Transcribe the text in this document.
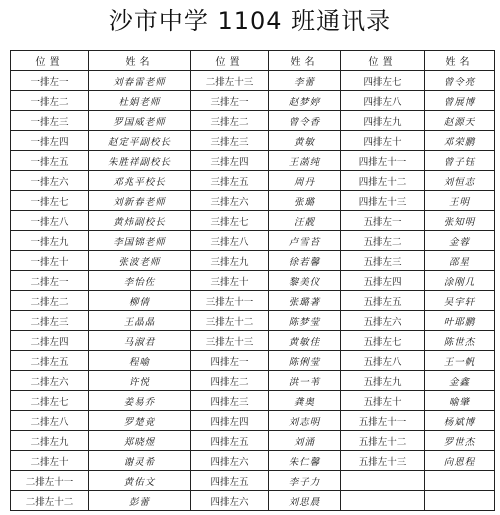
沙市中学 1104 班通讯录
位置	姓名	位置	姓名	位置	姓名
一排左一	刘春雷老师	二排左十三	李蕾	四排左七	曾令亮
一排左二	杜娟老师	三排左一	赵梦婷	四排左八	曾展博
一排左三	罗国威老师	三排左二	曾令香	四排左九	赵源天
一排左四	赵定平副校长	三排左三	黄敏	四排左十	邓荣鹏
一排左五	朱胜祥副校长	三排左四	王菡纯	四排左十一	曾子钰
一排左六	邓兆平校长	三排左五	周丹	四排左十二	刘恒志
一排左七	刘新春老师	三排左六	张璐	四排左十三	王明
一排左八	黄炜副校长	三排左七	汪靓	五排左一	张知明
一排左九	李国锦老师	三排左八	卢雪苔	五排左二	金蓉
一排左十	张波老师	三排左九	徐若馨	五排左三	邵星
二排左一	李怡佐	三排左十	黎美仪	五排左四	涂刚几
二排左二	柳倩	三排左十一	张璐著	五排左五	吴宇轩
二排左三	王晶晶	三排左十二	陈梦莹	五排左六	叶耶鹏
二排左四	马淑君	三排左十三	黄敏佳	五排左七	陈世杰
二排左五	程喻	四排左一	陈俐莹	五排左八	王一帆
二排左六	许悦	四排左二	洪一苇	五排左九	金鑫
二排左七	姜易乔	四排左三	龚奥	五排左十	喻肇
二排左八	罗楚竞	四排左四	刘志明	五排左十一	杨斌博
二排左九	郑晓煜	四排左五	刘涌	五排左十二	罗世杰
二排左十	谢灵希	四排左六	朱仁馨	五排左十三	向恩程
二排左十一	黄佑文	四排左五	李子力		
二排左十二	彭蕾	四排左六	刘思晨		
